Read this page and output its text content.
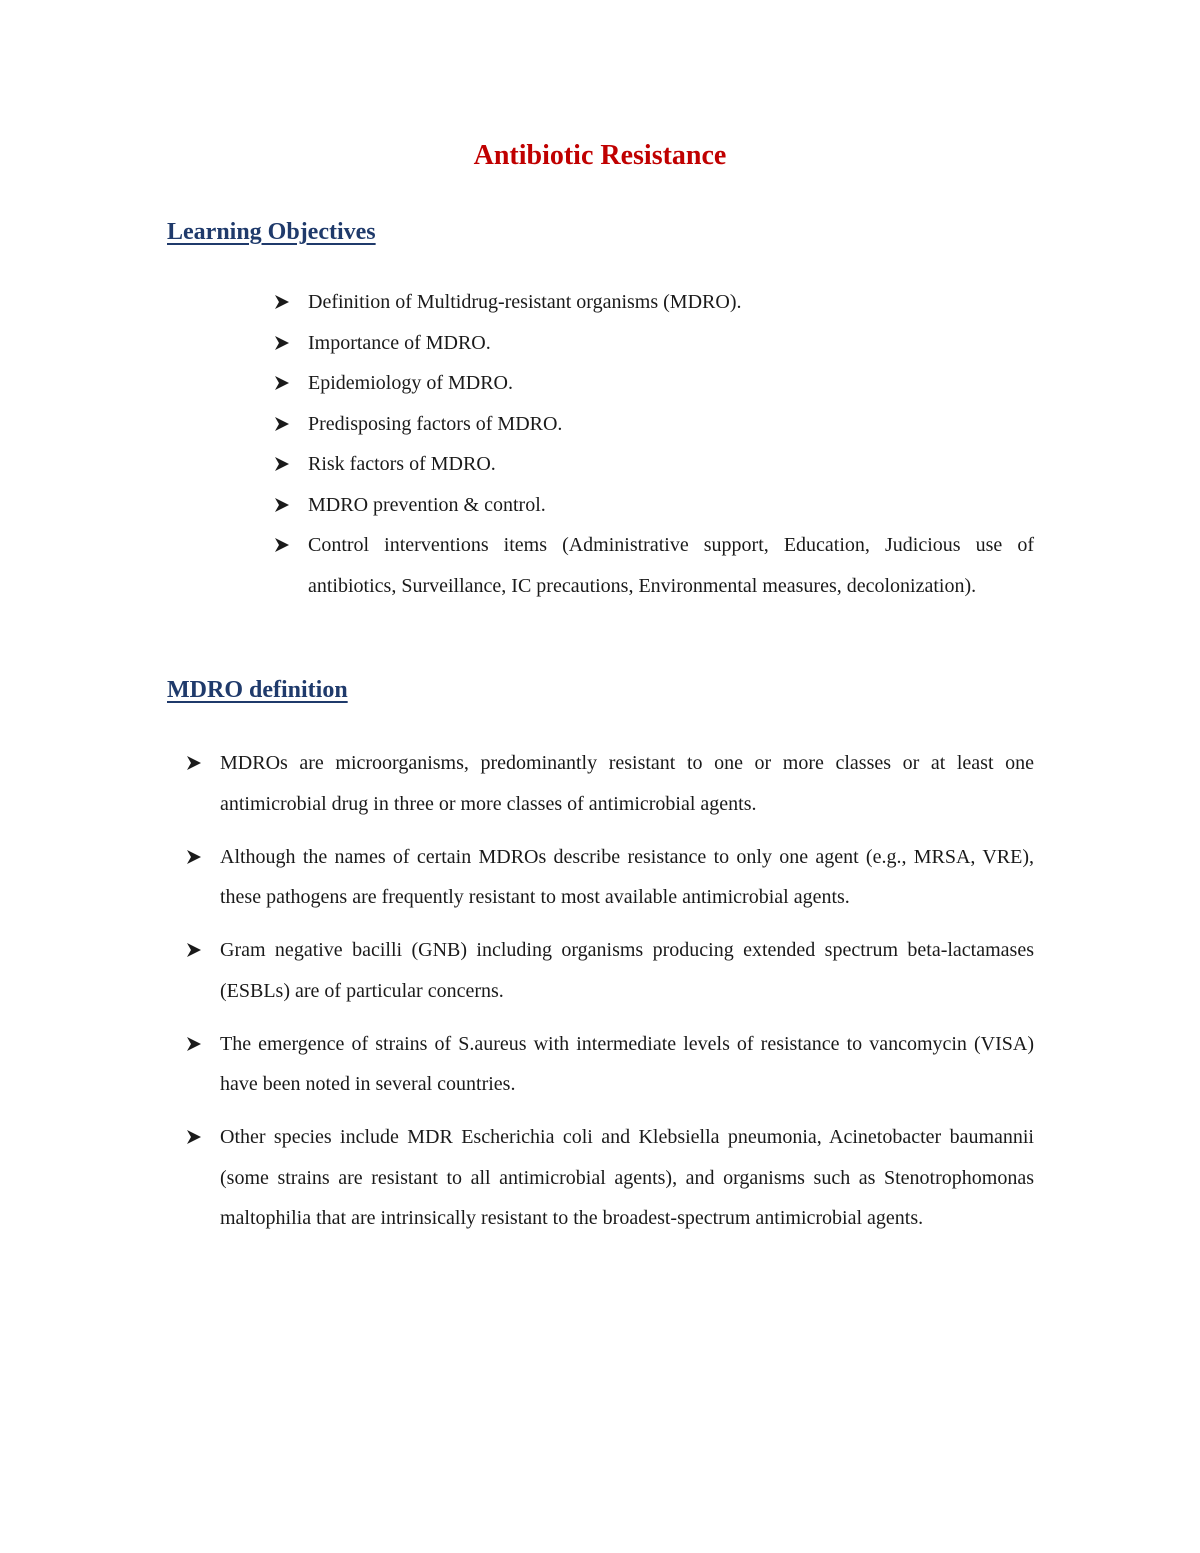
Antibiotic Resistance
Learning Objectives
Definition of Multidrug-resistant organisms (MDRO).
Importance of MDRO.
Epidemiology of MDRO.
Predisposing factors of MDRO.
Risk factors of MDRO.
MDRO prevention & control.
Control interventions items (Administrative support, Education, Judicious use of antibiotics, Surveillance, IC precautions, Environmental measures, decolonization).
MDRO definition
MDROs are microorganisms, predominantly resistant to one or more classes or at least one antimicrobial drug in three or more classes of antimicrobial agents.
Although the names of certain MDROs describe resistance to only one agent (e.g., MRSA, VRE), these pathogens are frequently resistant to most available antimicrobial agents.
Gram negative bacilli (GNB) including organisms producing extended spectrum beta-lactamases (ESBLs) are of particular concerns.
The emergence of strains of S.aureus with intermediate levels of resistance to vancomycin (VISA) have been noted in several countries.
Other species include MDR Escherichia coli and Klebsiella pneumonia, Acinetobacter baumannii (some strains are resistant to all antimicrobial agents), and organisms such as Stenotrophomonas maltophilia that are intrinsically resistant to the broadest-spectrum antimicrobial agents.
